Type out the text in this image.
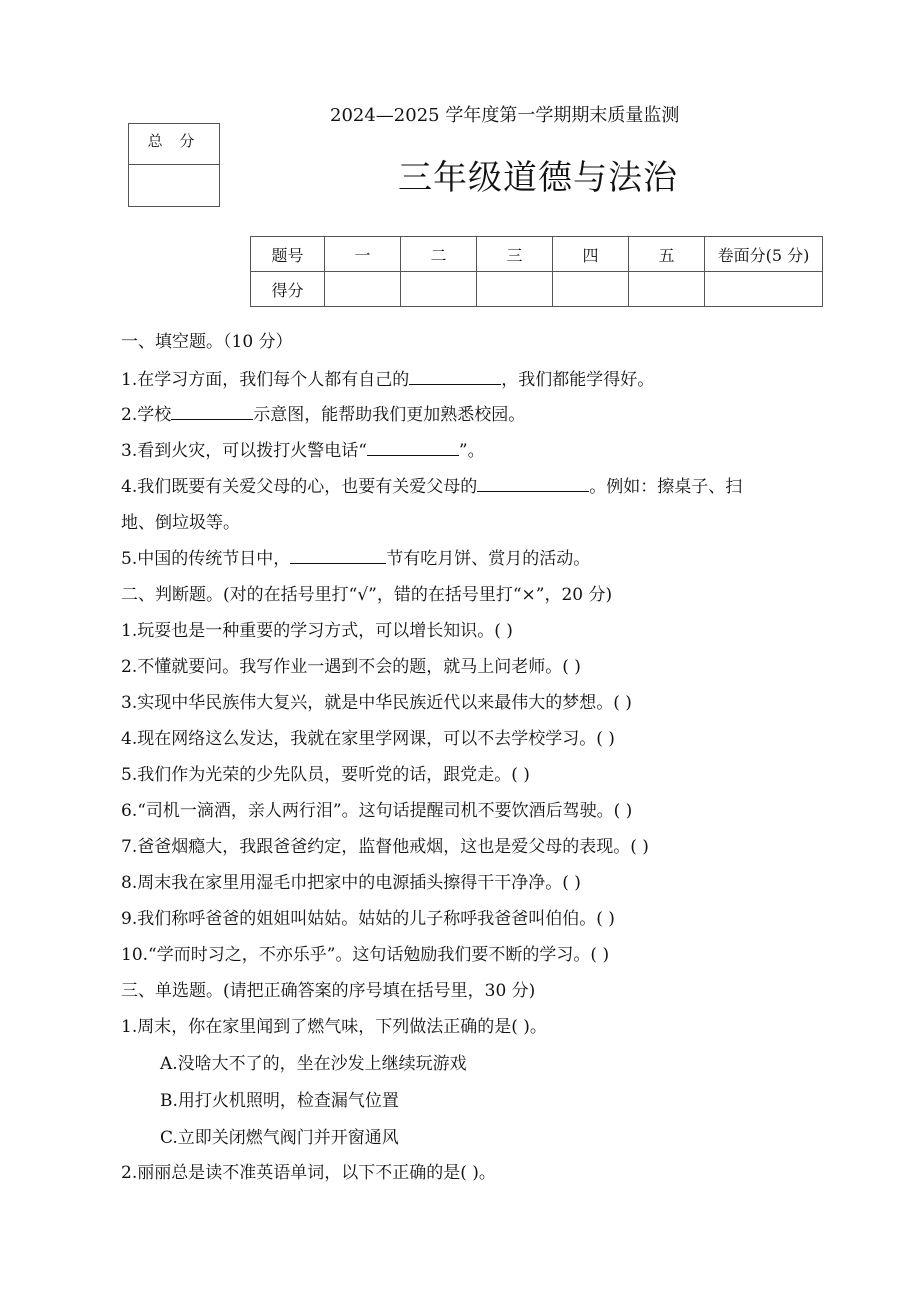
总 分
2024—2025 学年度第一学期期末质量监测
三年级道德与法治
题号	一	二	三	四	五	卷面分(5 分)
得分						
一、填空题。（10 分）
1.在学习方面，我们每个人都有自己的	，我们都能学得好。
2.学校	示意图，能帮助我们更加熟悉校园。
3.看到火灾，可以拨打火警电话“	”。
4.我们既要有关爱父母的心，也要有关爱父母的	。例如：擦桌子、扫
地、倒垃圾等。
5.中国的传统节日中，	节有吃月饼、赏月的活动。
二、判断题。(对的在括号里打“√”，错的在括号里打“×”，20 分)
1.玩耍也是一种重要的学习方式，可以增长知识。( )
2.不懂就要问。我写作业一遇到不会的题，就马上问老师。( )
3.实现中华民族伟大复兴，就是中华民族近代以来最伟大的梦想。( )
4.现在网络这么发达，我就在家里学网课，可以不去学校学习。( )
5.我们作为光荣的少先队员，要听党的话，跟党走。( )
6.“司机一滴酒，亲人两行泪”。这句话提醒司机不要饮酒后驾驶。( )
7.爸爸烟瘾大，我跟爸爸约定，监督他戒烟，这也是爱父母的表现。( )
8.周末我在家里用湿毛巾把家中的电源插头擦得干干净净。( )
9.我们称呼爸爸的姐姐叫姑姑。姑姑的儿子称呼我爸爸叫伯伯。( )
10.“学而时习之，不亦乐乎”。这句话勉励我们要不断的学习。( )
三、单选题。(请把正确答案的序号填在括号里，30 分)
1.周末，你在家里闻到了燃气味，下列做法正确的是( )。
A.没啥大不了的，坐在沙发上继续玩游戏
B.用打火机照明，检查漏气位置
C.立即关闭燃气阀门并开窗通风
2.丽丽总是读不准英语单词，以下不正确的是( )。
